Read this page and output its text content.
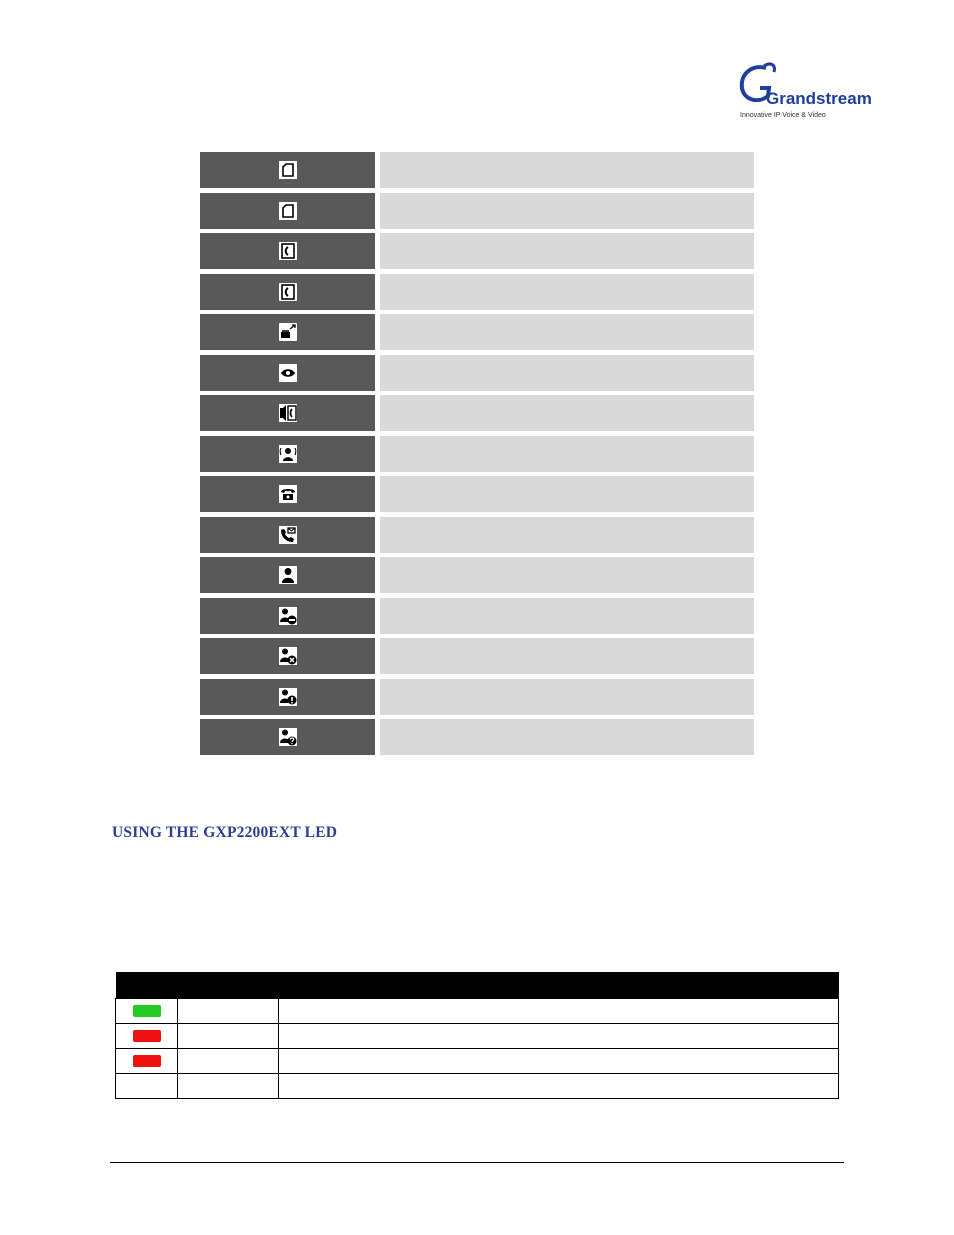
Grandstream
Innovative IP Voice & Video
USING THE GXP2200EXT LED
